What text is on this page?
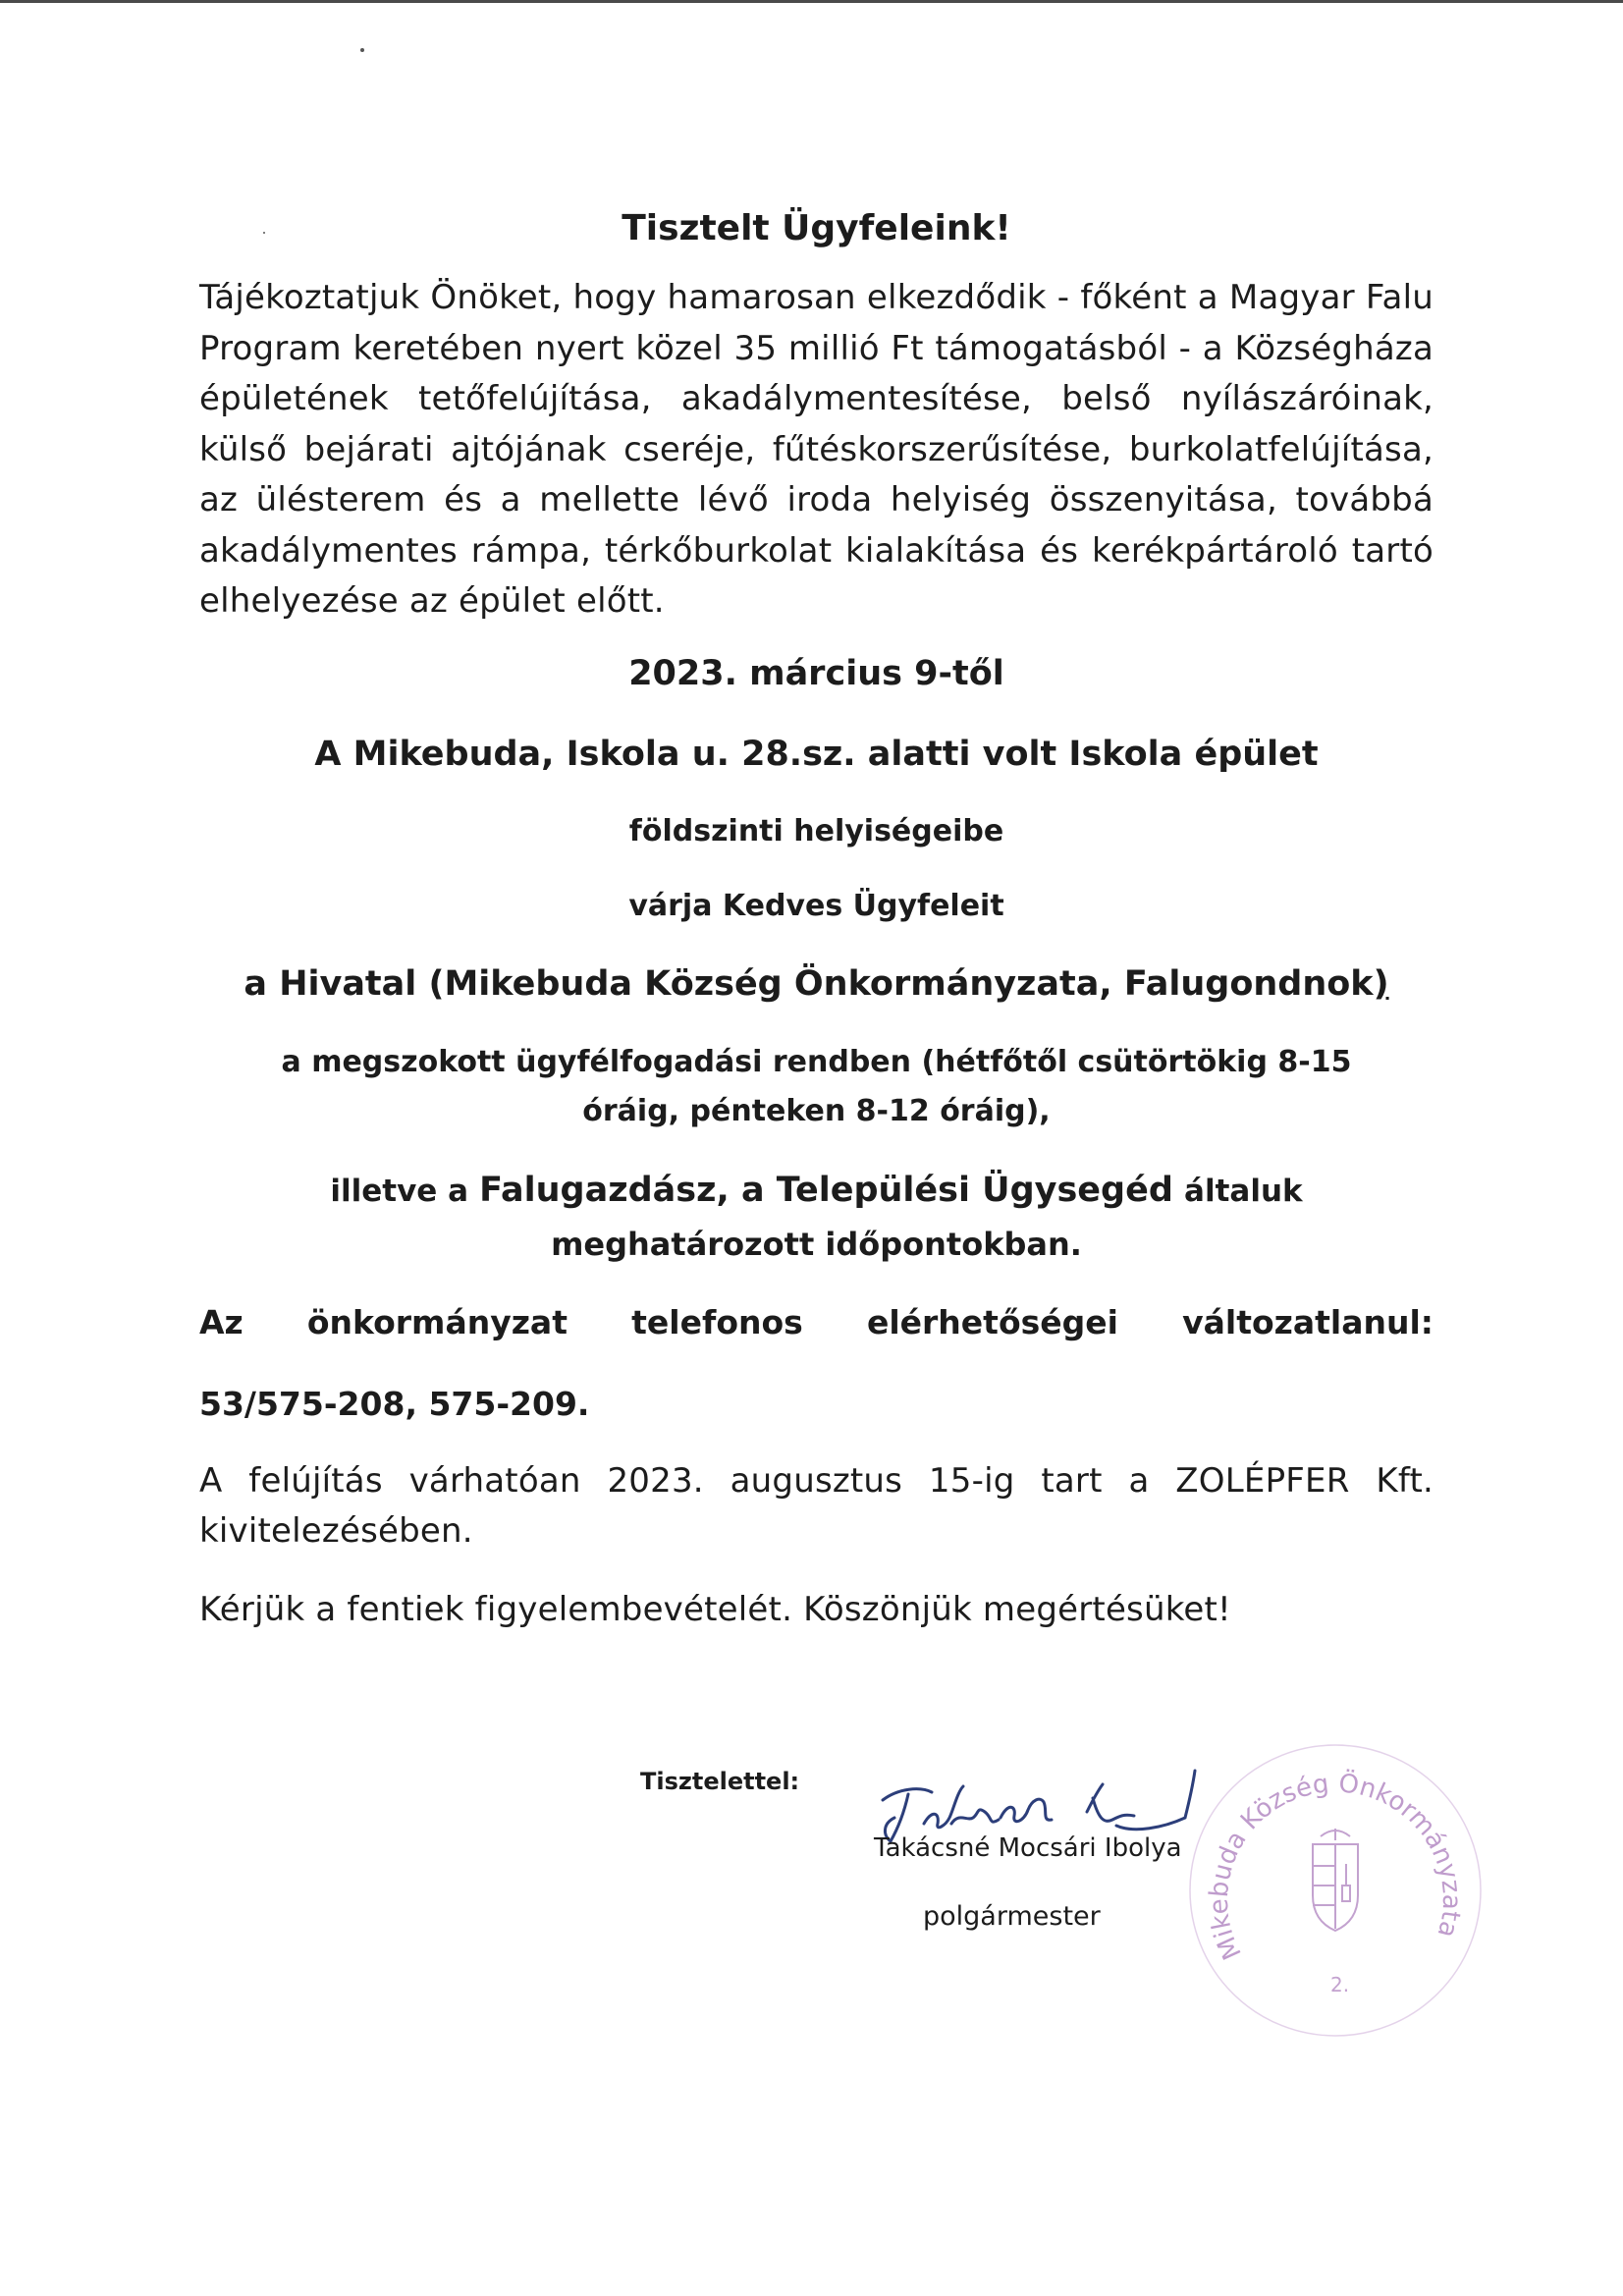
Tisztelt Ügyfeleink!

Tájékoztatjuk Önöket, hogy hamarosan elkezdődik - főként a Magyar Falu Program keretében nyert közel 35 millió Ft támogatásból - a Községháza épületének tetőfelújítása, akadálymentesítése, belső nyílászáróinak, külső bejárati ajtójának cseréje, fűtéskorszerűsítése, burkolatfelújítása, az ülésterem és a mellette lévő iroda helyiség összenyitása, továbbá akadálymentes rámpa, térkőburkolat kialakítása és kerékpártároló tartó elhelyezése az épület előtt.

2023. március 9-től

A Mikebuda, Iskola u. 28.sz. alatti volt Iskola épület

földszinti helyiségeibe

várja Kedves Ügyfeleit

a Hivatal (Mikebuda Község Önkormányzata, Falugondnok)

a megszokott ügyfélfogadási rendben (hétfőtől csütörtökig 8-15
óráig, pénteken 8-12 óráig),

illetve a Falugazdász, a Települési Ügysegéd általuk
meghatározott időpontokban.

Az önkormányzat telefonos elérhetőségei változatlanul:

53/575-208, 575-209.

A felújítás várhatóan 2023. augusztus 15-ig tart a ZOLÉPFER Kft. kivitelezésében.

Kérjük a fentiek figyelembevételét. Köszönjük megértésüket!

Tisztelettel:
Takácsné Mocsári Ibolya
polgármester
Mikebuda Község Önkormányzata
2.
